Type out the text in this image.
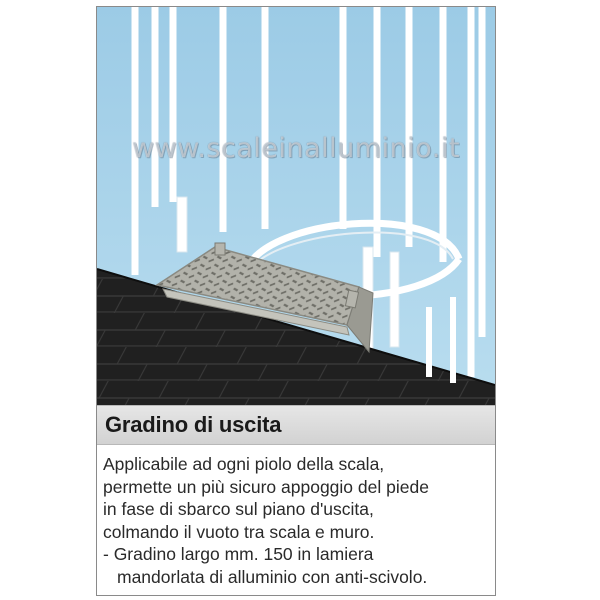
www.scaleinalluminio.it
Gradino di uscita
Applicabile ad ogni piolo della scala,
permette un più sicuro appoggio del piede
in fase di sbarco sul piano d'uscita,
colmando il vuoto tra scala e muro.
- Gradino largo mm. 150 in lamiera
mandorlata di alluminio con anti-scivolo.
